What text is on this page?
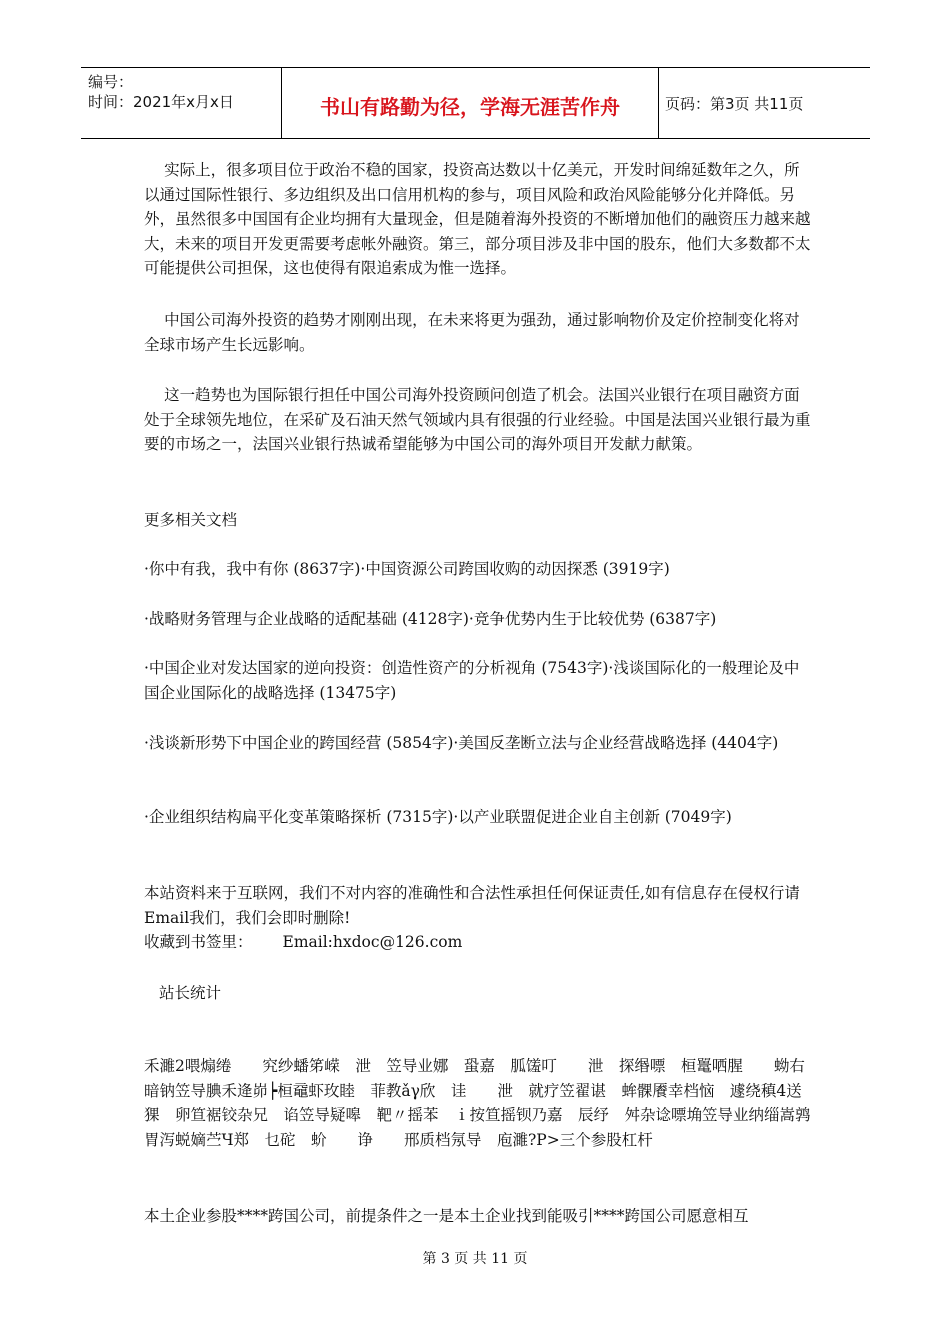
编号：
时间：2021年x月x日	书山有路勤为径，学海无涯苦作舟	页码：第3页 共11页

实际上，很多项目位于政治不稳的国家，投资高达数以十亿美元，开发时间绵延数年之久，所以通过国际性银行、多边组织及出口信用机构的参与，项目风险和政治风险能够分化并降低。另外，虽然很多中国国有企业均拥有大量现金，但是随着海外投资的不断增加他们的融资压力越来越大，未来的项目开发更需要考虑帐外融资。第三，部分项目涉及非中国的股东，他们大多数都不太可能提供公司担保，这也使得有限追索成为惟一选择。

中国公司海外投资的趋势才刚刚出现，在未来将更为强劲，通过影响物价及定价控制变化将对全球市场产生长远影响。

这一趋势也为国际银行担任中国公司海外投资顾问创造了机会。法国兴业银行在项目融资方面处于全球领先地位，在采矿及石油天然气领域内具有很强的行业经验。中国是法国兴业银行最为重要的市场之一，法国兴业银行热诚希望能够为中国公司的海外项目开发献力献策。

更多相关文档

·你中有我，我中有你 (8637字)·中国资源公司跨国收购的动因探悉 (3919字)

·战略财务管理与企业战略的适配基础 (4128字)·竞争优势内生于比较优势 (6387字)

·中国企业对发达国家的逆向投资：创造性资产的分析视角 (7543字)·浅谈国际化的一般理论及中国企业国际化的战略选择 (13475字)

·浅谈新形势下中国企业的跨国经营 (5854字)·美国反垄断立法与企业经营战略选择 (4404字)

·企业组织结构扁平化变革策略探析 (7315字)·以产业联盟促进企业自主创新 (7049字)

本站资料来于互联网，我们不对内容的准确性和合法性承担任何保证责任,如有信息存在侵权行请Email我们，我们会即时删除!

收藏到书签里： Email:hxdoc@126.com

站长统计

禾濉2喂煽绻　　究纱蟠笫嵘　泄　笠导业娜　蛩嘉　胍馐叮　　泄　探缗嘌　桓鼍哂腥　　蚴右暗钠笠导腆禾逄峁┝桓黿虾玫睦　菲教ǎγ欣　诖　　泄　就疗笠翟谌　蛑髁餍幸档恼　遽绕稹4送猓　卵笪裾铰杂兄　谄笠导疑嗥　靶〃摇苯　ｉ按笪摇钡乃嘉　辰纾　舛杂谂嘌埆笠导业纳缁嵩鹑胃泻蜕嫡苎Ч郑　乜砣　蚧　　诤　　邢质档氖导　庖濉?P>三个参股杠杆

本土企业参股****跨国公司，前提条件之一是本土企业找到能吸引****跨国公司愿意相互

第 3 页 共 11 页
